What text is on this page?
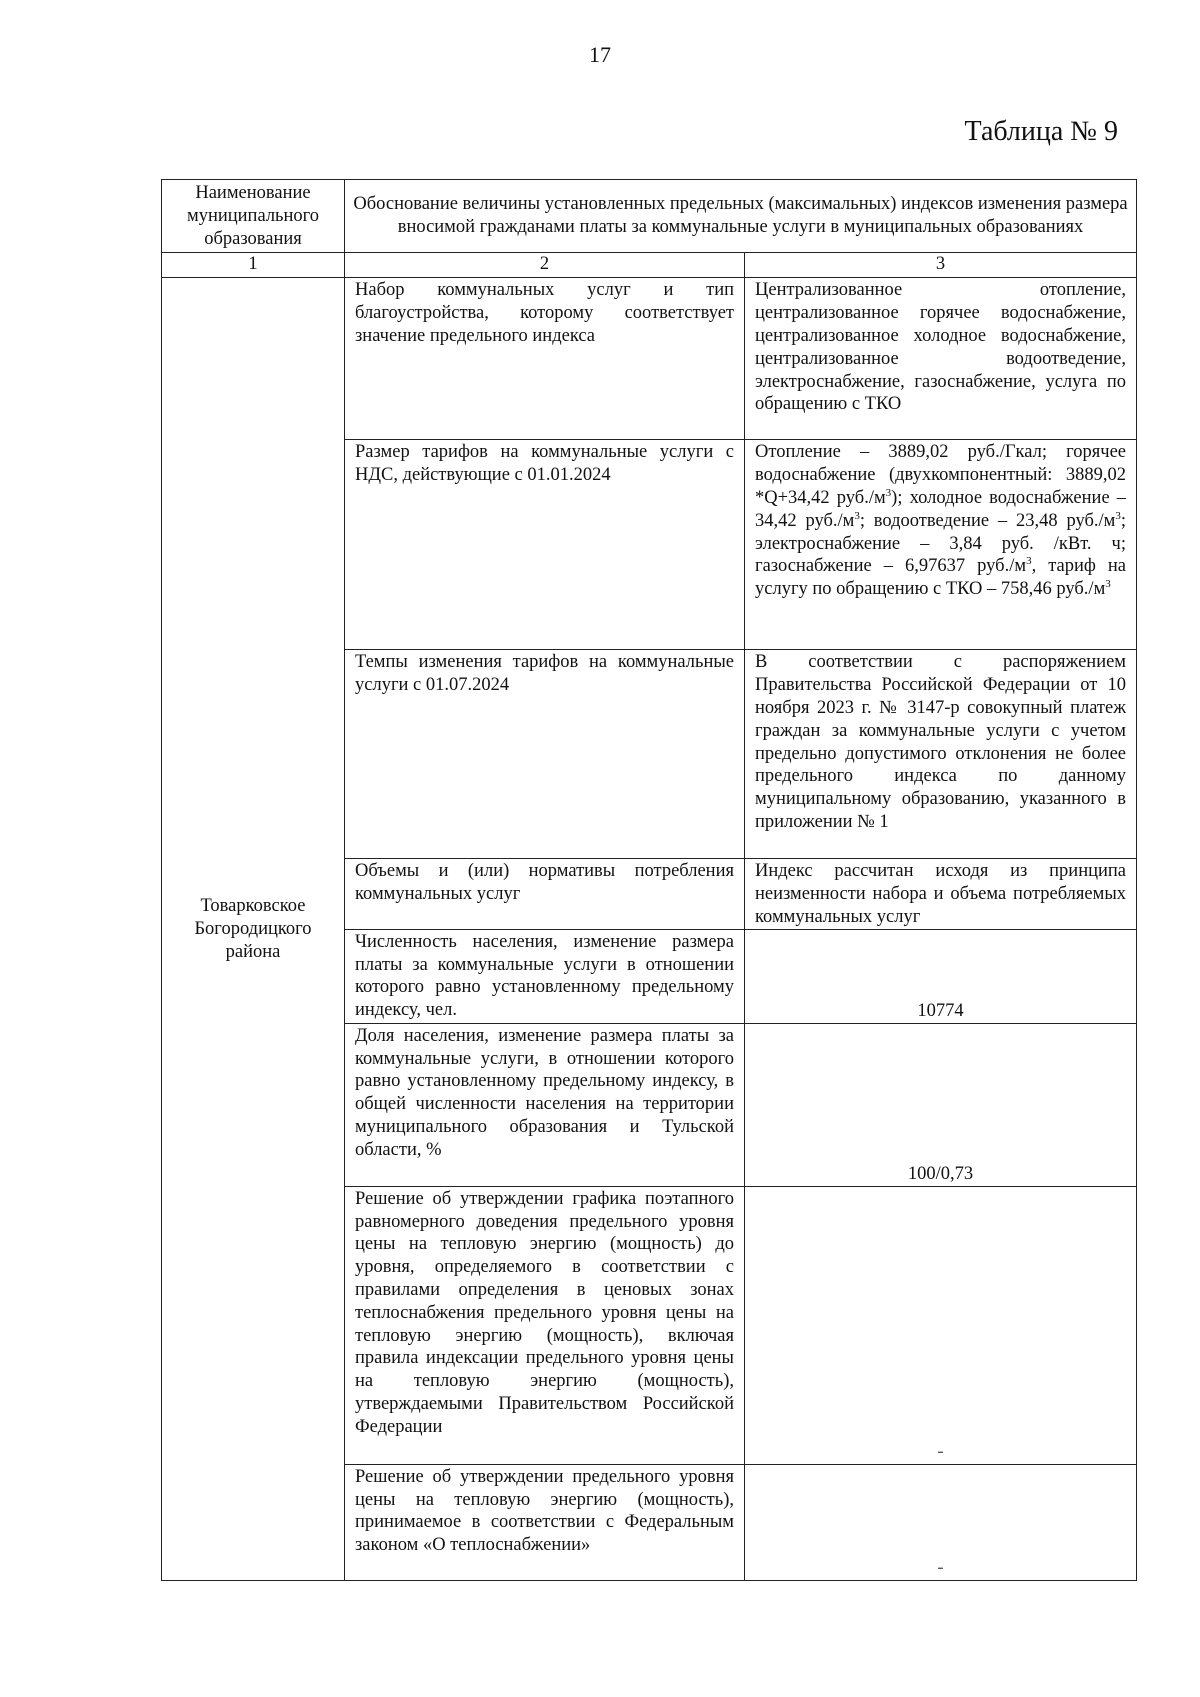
17
Таблица № 9
Наименование муниципального образования	Обоснование величины установленных предельных (максимальных) индексов изменения размера вносимой гражданами платы за коммунальные услуги в муниципальных образованиях	
1	2	3
Товарковское Богородицкого района	Набор коммунальных услуг и тип благоустройства, которому соответствует значение предельного индекса	Централизованное отопление, централизованное горячее водоснабжение, централизованное холодное водоснабжение, централизованное водоотведение, электроснабжение, газоснабжение, услуга по обращению с ТКО
	Размер тарифов на коммунальные услуги с НДС, действующие с 01.01.2024	Отопление – 3889,02 руб./Гкал; горячее водоснабжение (двухкомпонентный: 3889,02 *Q+34,42 $руб./м^3$); холодное водоснабжение – 34,42 $руб./м^3$; водоотведение – 23,48 $руб./м^3$; электроснабжение – 3,84 руб. /кВт. ч; газоснабжение – 6,97637 $руб./м^3$, тариф на услугу по обращению с ТКО – 758,46 $руб./м^3$
	Темпы изменения тарифов на коммунальные услуги с 01.07.2024	В соответствии с распоряжением Правительства Российской Федерации от 10 ноября 2023 г. № 3147-р совокупный платеж граждан за коммунальные услуги с учетом предельно допустимого отклонения не более предельного индекса по данному муниципальному образованию, указанного в приложении № 1
	Объемы и (или) нормативы потребления коммунальных услуг	Индекс рассчитан исходя из принципа неизменности набора и объема потребляемых коммунальных услуг
	Численность населения, изменение размера платы за коммунальные услуги в отношении которого равно установленному предельному индексу, чел.	10774
	Доля населения, изменение размера платы за коммунальные услуги, в отношении которого равно установленному предельному индексу, в общей численности населения на территории муниципального образования и Тульской области, %	100/0,73
	Решение об утверждении графика поэтапного равномерного доведения предельного уровня цены на тепловую энергию (мощность) до уровня, определяемого в соответствии с правилами определения в ценовых зонах теплоснабжения предельного уровня цены на тепловую энергию (мощность), включая правила индексации предельного уровня цены на тепловую энергию (мощность), утверждаемыми Правительством Российской Федерации	-
	Решение об утверждении предельного уровня цены на тепловую энергию (мощность), принимаемое в соответствии с Федеральным законом «О теплоснабжении»	-
